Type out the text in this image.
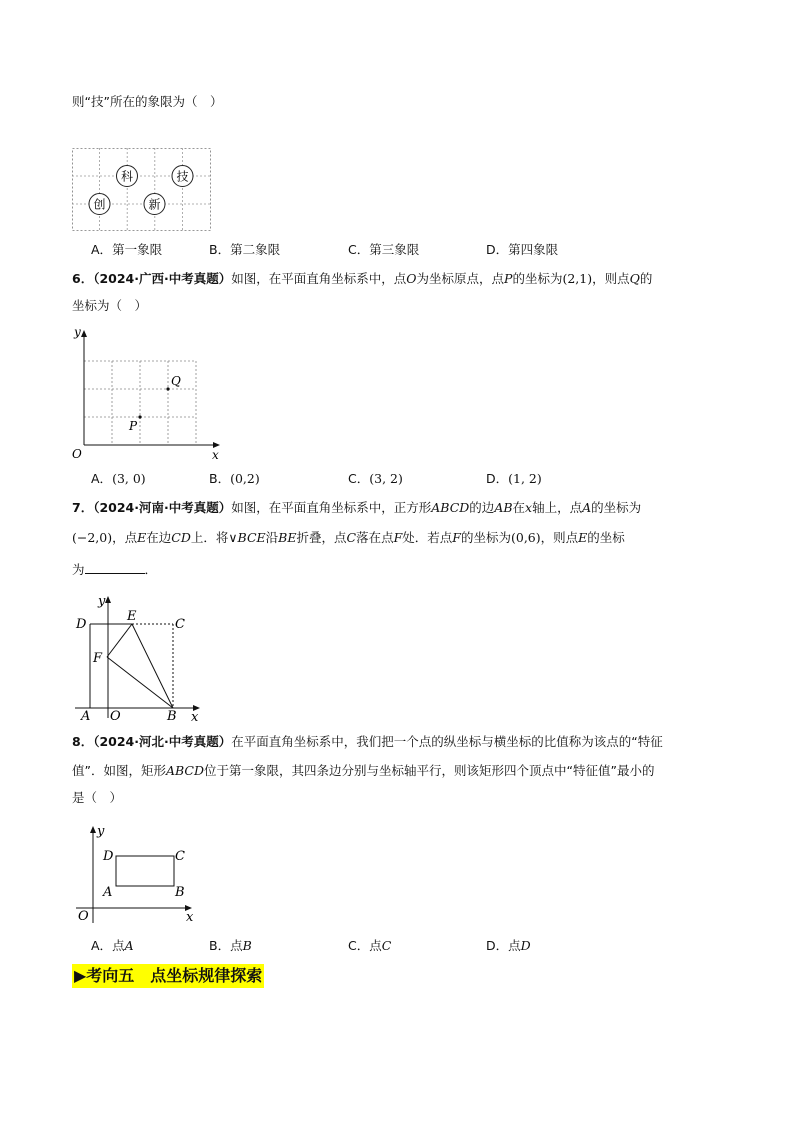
则“技”所在的象限为（　）
科	技
创	新
A．第一象限	B．第二象限	C．第三象限	D．第四象限
6．（2024·广西·中考真题）如图，在平面直角坐标系中，点O为坐标原点，点P的坐标为(2,1)，则点Q的
坐标为（　）
y
x
O
P
Q
A．(3, 0)	B．(0,2)	C．(3, 2)	D．(1, 2)
7．（2024·河南·中考真题）如图，在平面直角坐标系中，正方形ABCD的边AB在x轴上，点A的坐标为
(−2,0)，点E在边CD上．将∨BCE沿BE折叠，点C落在点F处．若点F的坐标为(0,6)，则点E的坐标
为	．
y
x
O
A	B
C
D
E
F
8．（2024·河北·中考真题）在平面直角坐标系中，我们把一个点的纵坐标与横坐标的比值称为该点的“特征
值”．如图，矩形ABCD位于第一象限，其四条边分别与坐标轴平行，则该矩形四个顶点中“特征值”最小的
是（　）
y
x
O
A	B
C
D
A．点A	B．点B	C．点C	D．点D
▶考向五　点坐标规律探索
